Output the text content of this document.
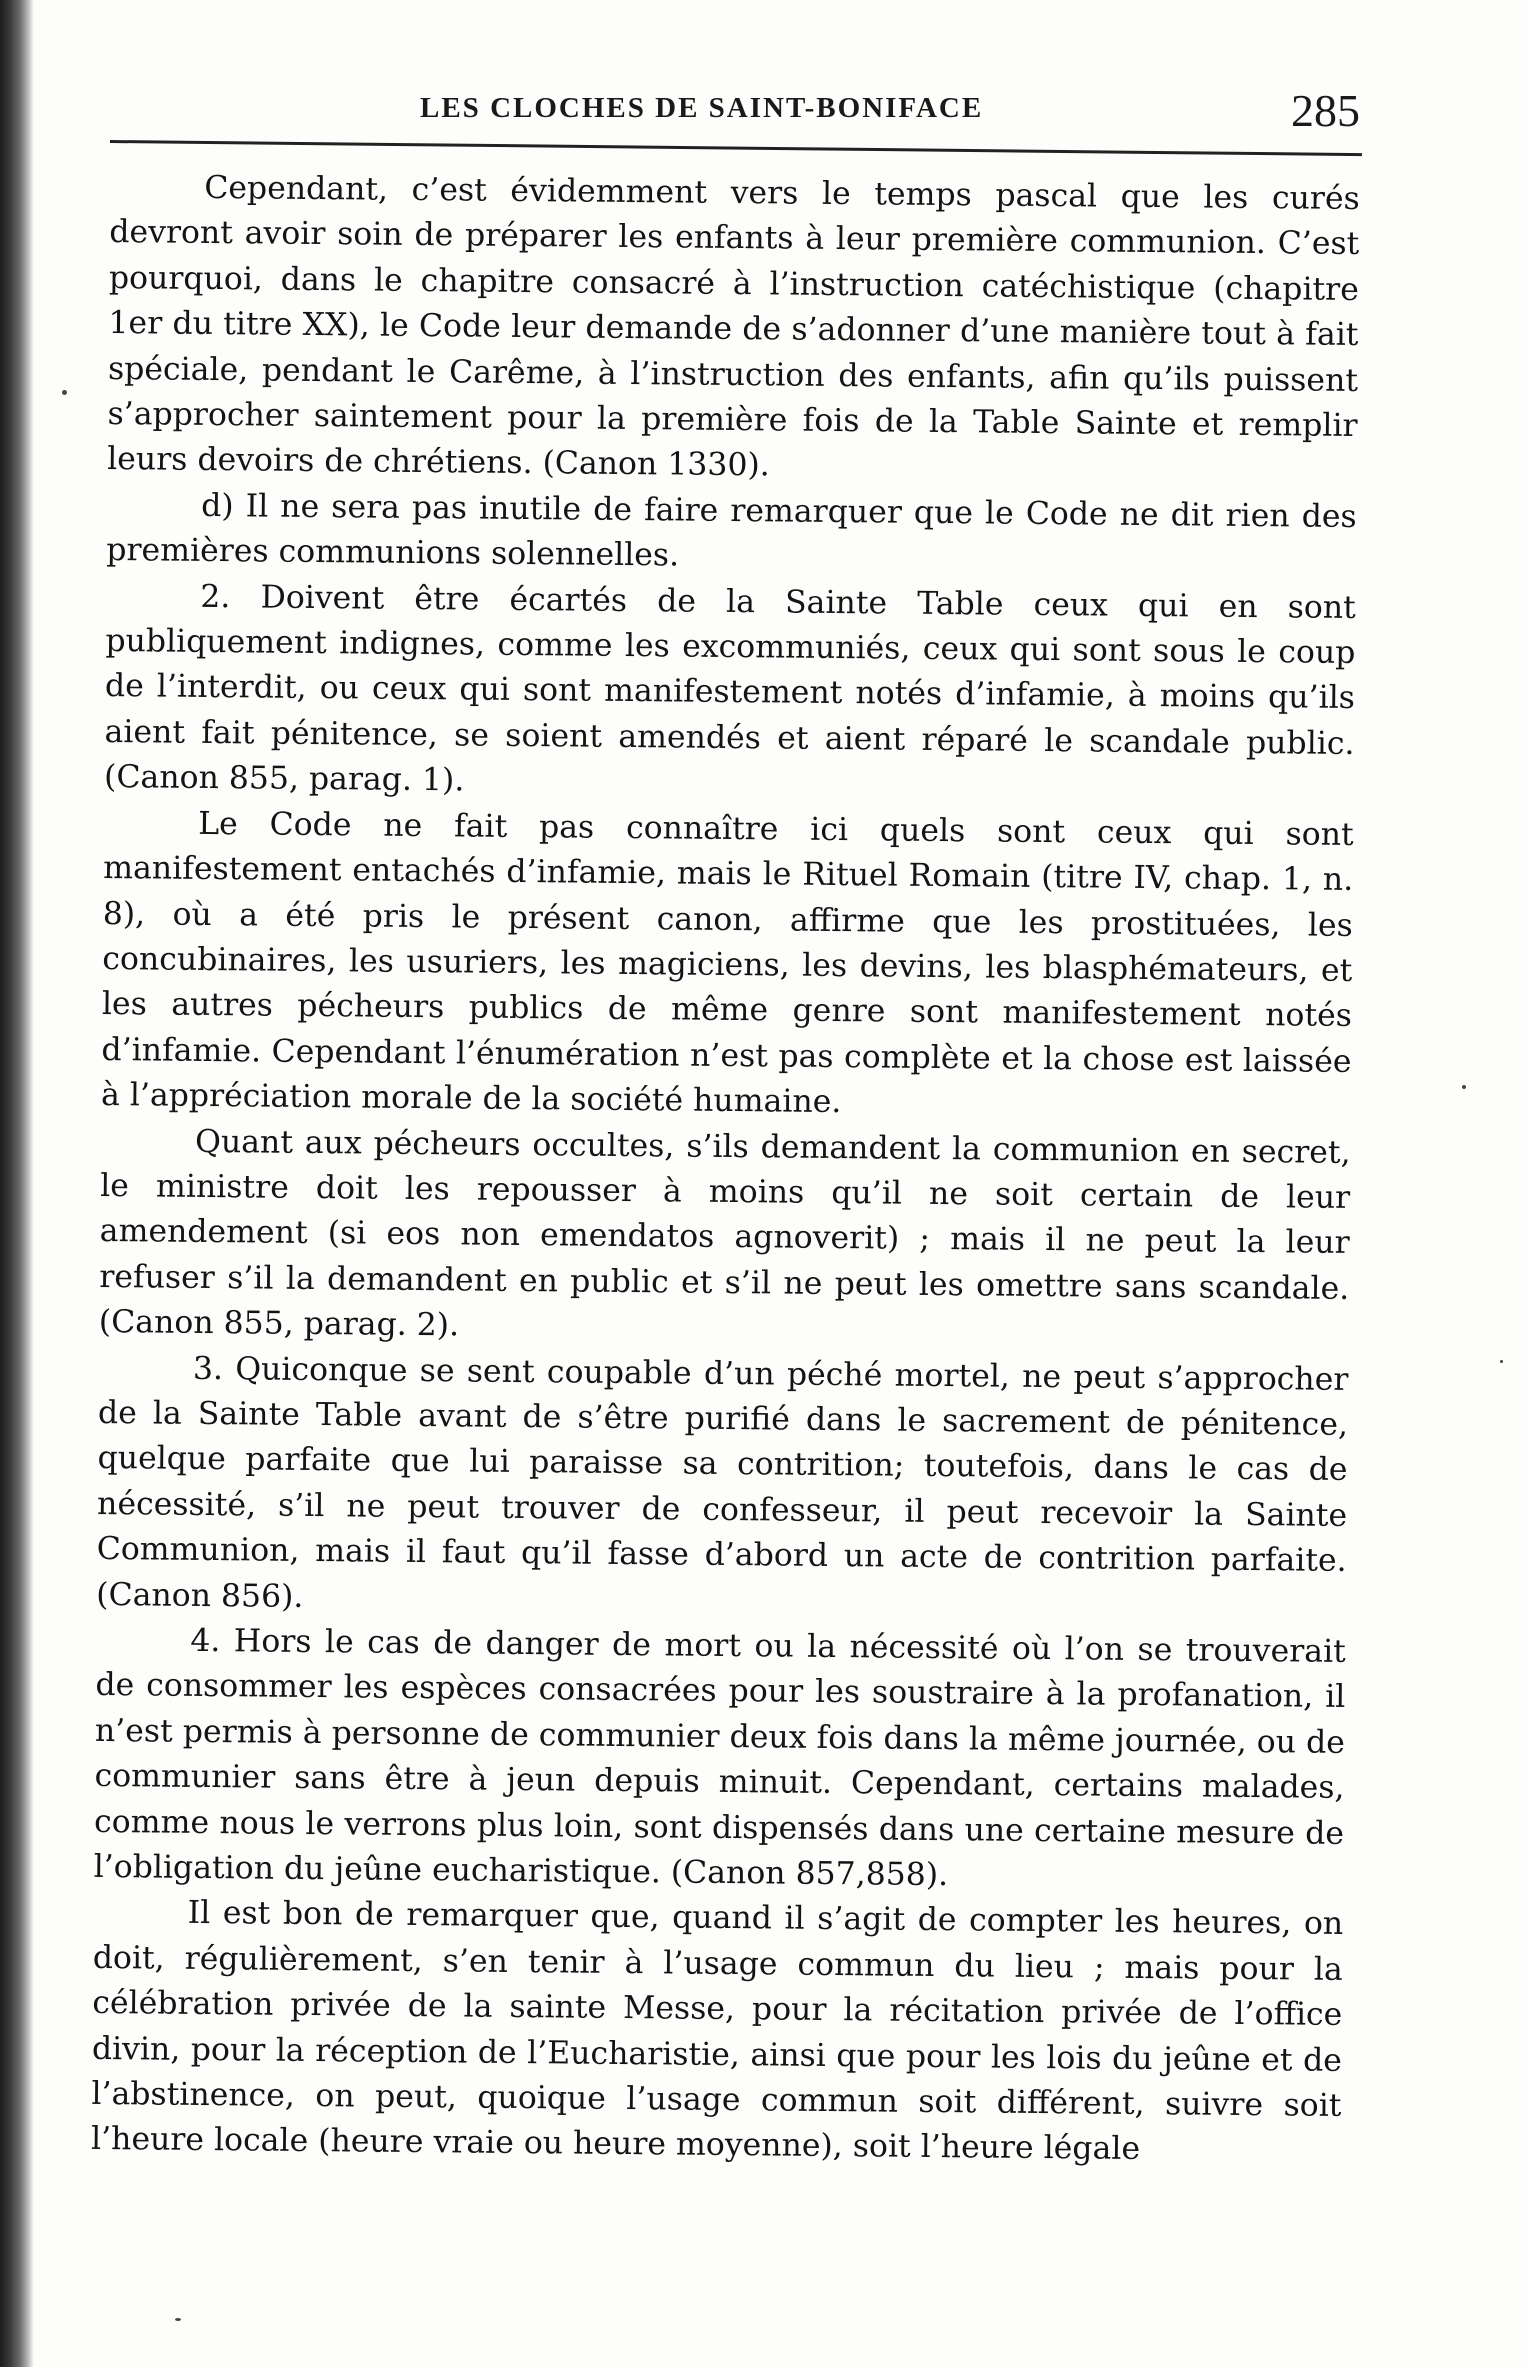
LES CLOCHES DE SAINT-BONIFACE	285

Cependant, c’est évidemment vers le temps pascal que les curés devront avoir soin de préparer les enfants à leur première communion. C’est pourquoi, dans le chapitre consacré à l’instruction catéchistique (chapitre 1er du titre XX), le Code leur demande de s’adonner d’une manière tout à fait spéciale, pendant le Carême, à l’instruction des enfants, afin qu’ils puissent s’approcher saintement pour la première fois de la Table Sainte et remplir leurs devoirs de chrétiens. (Canon 1330).

d) Il ne sera pas inutile de faire remarquer que le Code ne dit rien des premières communions solennelles.

2. Doivent être écartés de la Sainte Table ceux qui en sont publiquement indignes, comme les excommuniés, ceux qui sont sous le coup de l’interdit, ou ceux qui sont manifestement notés d’infamie, à moins qu’ils aient fait pénitence, se soient amendés et aient réparé le scandale public. (Canon 855, parag. 1).

Le Code ne fait pas connaître ici quels sont ceux qui sont manifestement entachés d’infamie, mais le Rituel Romain (titre IV, chap. 1, n. 8), où a été pris le présent canon, affirme que les prostituées, les concubinaires, les usuriers, les magiciens, les devins, les blasphémateurs, et les autres pécheurs publics de même genre sont manifestement notés d’infamie. Cependant l’énumération n’est pas complète et la chose est laissée à l’appréciation morale de la société humaine.

Quant aux pécheurs occultes, s’ils demandent la communion en secret, le ministre doit les repousser à moins qu’il ne soit certain de leur amendement (si eos non emendatos agnoverit) ; mais il ne peut la leur refuser s’il la demandent en public et s’il ne peut les omettre sans scandale. (Canon 855, parag. 2).

3. Quiconque se sent coupable d’un péché mortel, ne peut s’approcher de la Sainte Table avant de s’être purifié dans le sacrement de pénitence, quelque parfaite que lui paraisse sa contrition; toutefois, dans le cas de nécessité, s’il ne peut trouver de confesseur, il peut recevoir la Sainte Communion, mais il faut qu’il fasse d’abord un acte de contrition parfaite. (Canon 856).

4. Hors le cas de danger de mort ou la nécessité où l’on se trouverait de consommer les espèces consacrées pour les soustraire à la profanation, il n’est permis à personne de communier deux fois dans la même journée, ou de communier sans être à jeun depuis minuit. Cependant, certains malades, comme nous le verrons plus loin, sont dispensés dans une certaine mesure de l’obligation du jeûne eucharistique. (Canon 857,858).

Il est bon de remarquer que, quand il s’agit de compter les heures, on doit, régulièrement, s’en tenir à l’usage commun du lieu ; mais pour la célébration privée de la sainte Messe, pour la récitation privée de l’office divin, pour la réception de l’Eucharistie, ainsi que pour les lois du jeûne et de l’abstinence, on peut, quoique l’usage commun soit différent, suivre soit l’heure locale (heure vraie ou heure moyenne), soit l’heure légale
